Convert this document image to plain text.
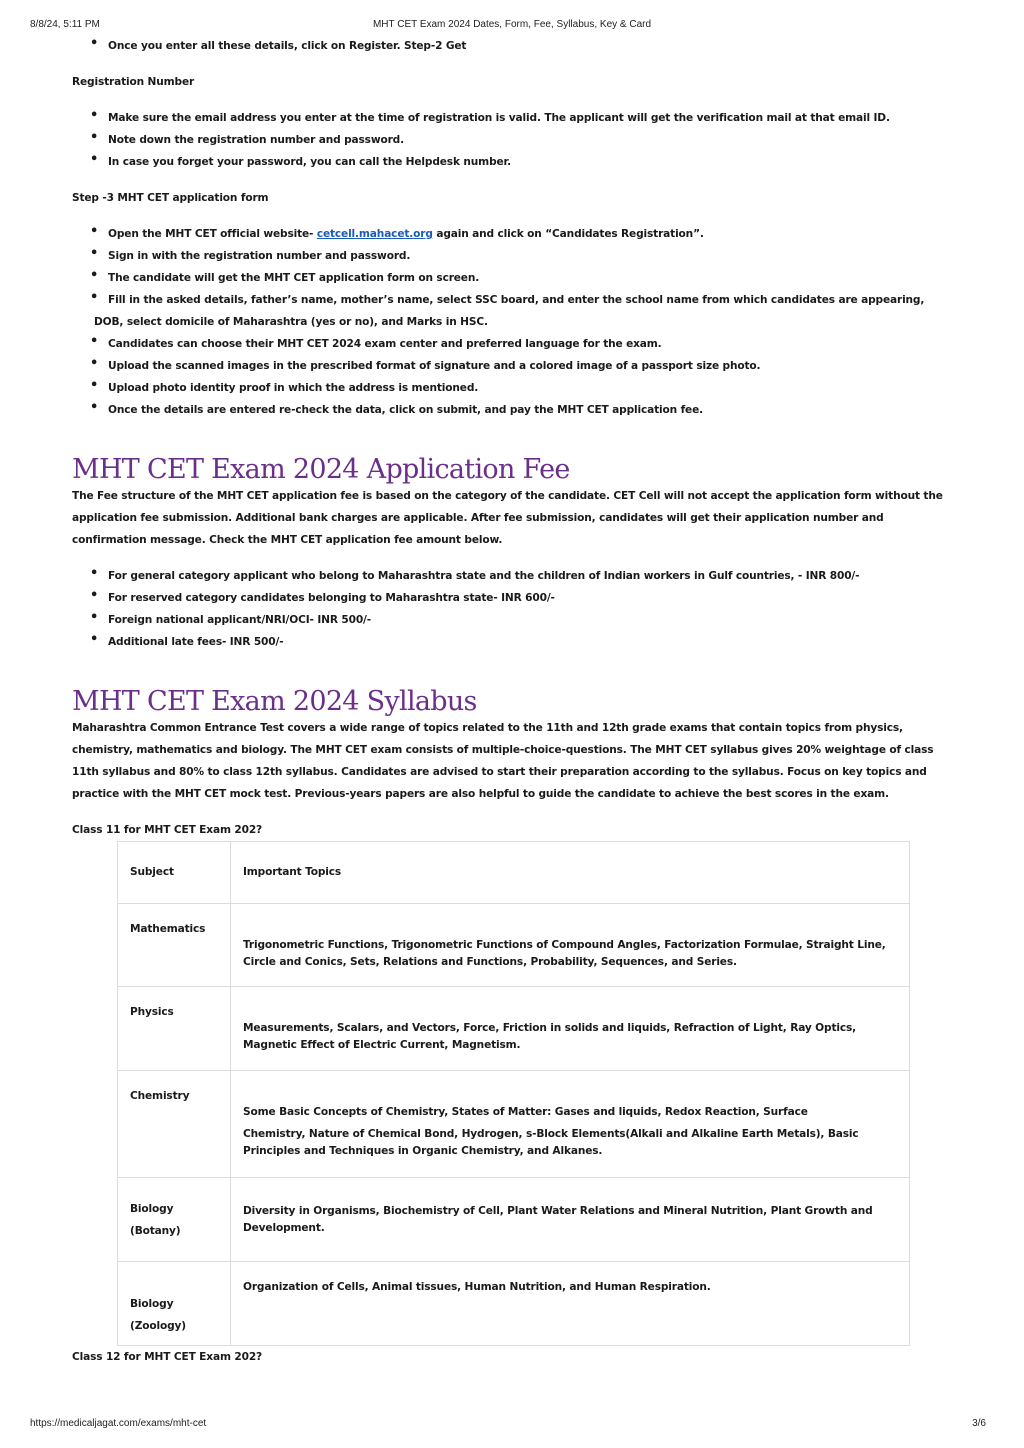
8/8/24, 5:11 PM	MHT CET Exam 2024 Dates, Form, Fee, Syllabus, Key & Card
• Once you enter all these details, click on Register. Step-2 Get

Registration Number

• Make sure the email address you enter at the time of registration is valid. The applicant will get the verification mail at that email ID.
• Note down the registration number and password.
• In case you forget your password, you can call the Helpdesk number.

Step -3 MHT CET application form

• Open the MHT CET official website- cetcell.mahacet.org again and click on “Candidates Registration”.
• Sign in with the registration number and password.
• The candidate will get the MHT CET application form on screen.
• Fill in the asked details, father’s name, mother’s name, select SSC board, and enter the school name from which candidates are appearing, DOB, select domicile of Maharashtra (yes or no), and Marks in HSC.
• Candidates can choose their MHT CET 2024 exam center and preferred language for the exam.
• Upload the scanned images in the prescribed format of signature and a colored image of a passport size photo.
• Upload photo identity proof in which the address is mentioned.
• Once the details are entered re-check the data, click on submit, and pay the MHT CET application fee.
MHT CET Exam 2024 Application Fee

The Fee structure of the MHT CET application fee is based on the category of the candidate. CET Cell will not accept the application form without the application fee submission. Additional bank charges are applicable. After fee submission, candidates will get their application number and confirmation message. Check the MHT CET application fee amount below.

• For general category applicant who belong to Maharashtra state and the children of Indian workers in Gulf countries, - INR 800/-
• For reserved category candidates belonging to Maharashtra state- INR 600/-
• Foreign national applicant/NRI/OCI- INR 500/-
• Additional late fees- INR 500/-
MHT CET Exam 2024 Syllabus

Maharashtra Common Entrance Test covers a wide range of topics related to the 11th and 12th grade exams that contain topics from physics, chemistry, mathematics and biology. The MHT CET exam consists of multiple-choice-questions. The MHT CET syllabus gives 20% weightage of class 11th syllabus and 80% to class 12th syllabus. Candidates are advised to start their preparation according to the syllabus. Focus on key topics and practice with the MHT CET mock test. Previous-years papers are also helpful to guide the candidate to achieve the best scores in the exam.

Class 11 for MHT CET Exam 202?

Subject	Important Topics
Mathematics	Trigonometric Functions, Trigonometric Functions of Compound Angles, Factorization Formulae, Straight Line, Circle and Conics, Sets, Relations and Functions, Probability, Sequences, and Series.
Physics	Measurements, Scalars, and Vectors, Force, Friction in solids and liquids, Refraction of Light, Ray Optics, Magnetic Effect of Electric Current, Magnetism.
Chemistry	Some Basic Concepts of Chemistry, States of Matter: Gases and liquids, Redox Reaction, Surface
Chemistry, Nature of Chemical Bond, Hydrogen, s-Block Elements(Alkali and Alkaline Earth Metals), Basic Principles and Techniques in Organic Chemistry, and Alkanes.

Biology
(Botany)	Diversity in Organisms, Biochemistry of Cell, Plant Water Relations and Mineral Nutrition, Plant Growth and Development.

Biology
(Zoology)	Organization of Cells, Animal tissues, Human Nutrition, and Human Respiration.

Class 12 for MHT CET Exam 202?

https://medicaljagat.com/exams/mht-cet	3/6
